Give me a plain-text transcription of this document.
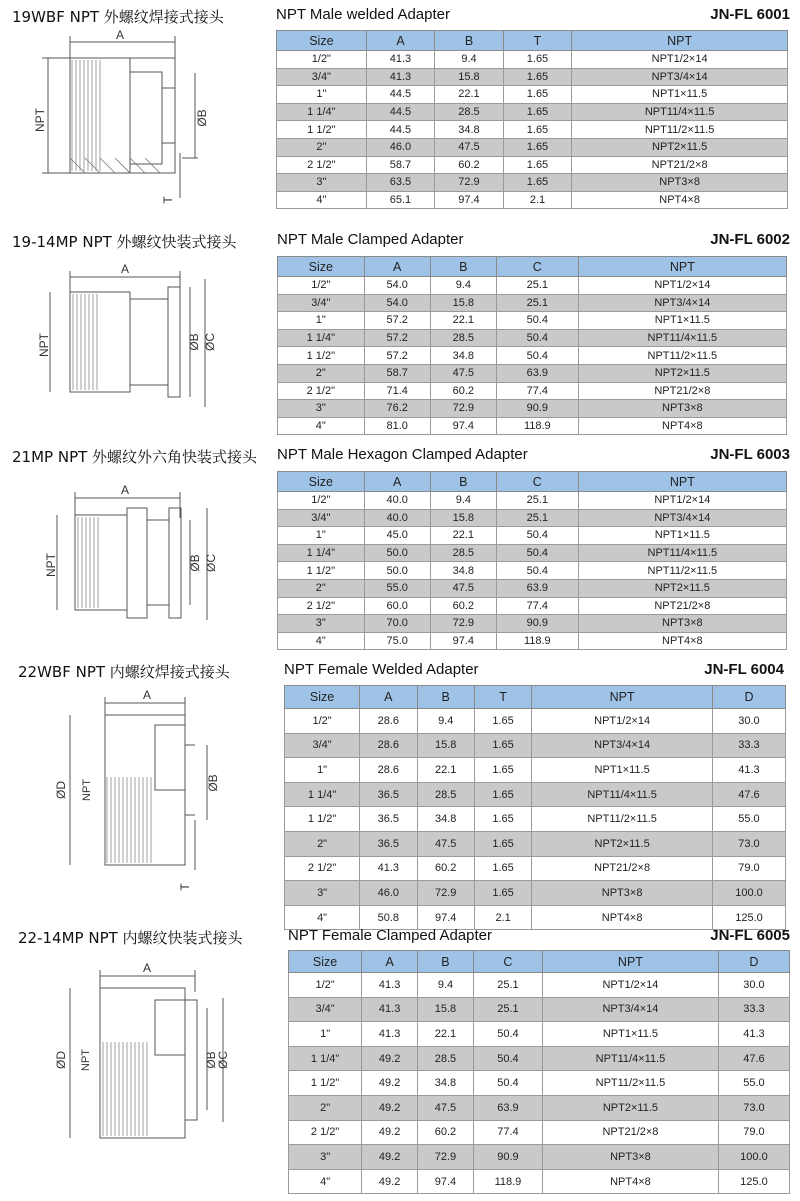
19WBF NPT 外螺纹焊接式接头	NPT Male welded Adapter	JN-FL 6001
A
NPT	ØB
T
Size	A	B	T	NPT
1/2"	41.3	9.4	1.65	NPT1/2×14
3/4"	41.3	15.8	1.65	NPT3/4×14
1"	44.5	22.1	1.65	NPT1×11.5
1 1/4"	44.5	28.5	1.65	NPT11/4×11.5
1 1/2"	44.5	34.8	1.65	NPT11/2×11.5
2"	46.0	47.5	1.65	NPT2×11.5
2 1/2"	58.7	60.2	1.65	NPT21/2×8
3"	63.5	72.9	1.65	NPT3×8
4"	65.1	97.4	2.1	NPT4×8
19-14MP NPT 外螺纹快装式接头	NPT Male Clamped Adapter	JN-FL 6002
A
NPT	ØB ØC
Size	A	B	C	NPT
1/2"	54.0	9.4	25.1	NPT1/2×14
3/4"	54.0	15.8	25.1	NPT3/4×14
1"	57.2	22.1	50.4	NPT1×11.5
1 1/4"	57.2	28.5	50.4	NPT11/4×11.5
1 1/2"	57.2	34.8	50.4	NPT11/2×11.5
2"	58.7	47.5	63.9	NPT2×11.5
2 1/2"	71.4	60.2	77.4	NPT21/2×8
3"	76.2	72.9	90.9	NPT3×8
4"	81.0	97.4	118.9	NPT4×8
21MP NPT 外螺纹外六角快装式接头 NPT Male Hexagon Clamped Adapter	JN-FL 6003
A
NPT	ØB ØC
Size	A	B	C	NPT
1/2"	40.0	9.4	25.1	NPT1/2×14
3/4"	40.0	15.8	25.1	NPT3/4×14
1"	45.0	22.1	50.4	NPT1×11.5
1 1/4"	50.0	28.5	50.4	NPT11/4×11.5
1 1/2"	50.0	34.8	50.4	NPT11/2×11.5
2"	55.0	47.5	63.9	NPT2×11.5
2 1/2"	60.0	60.2	77.4	NPT21/2×8
3"	70.0	72.9	90.9	NPT3×8
4"	75.0	97.4	118.9	NPT4×8
22WBF NPT 内螺纹焊接式接头	NPT Female Welded Adapter	JN-FL 6004
A
ØD NPT	ØB
T
Size	A	B	T	NPT	D
1/2"	28.6	9.4	1.65	NPT1/2×14	30.0
3/4"	28.6	15.8	1.65	NPT3/4×14	33.3
1"	28.6	22.1	1.65	NPT1×11.5	41.3
1 1/4"	36.5	28.5	1.65	NPT11/4×11.5	47.6
1 1/2"	36.5	34.8	1.65	NPT11/2×11.5	55.0
2"	36.5	47.5	1.65	NPT2×11.5	73.0
2 1/2"	41.3	60.2	1.65	NPT21/2×8	79.0
3"	46.0	72.9	1.65	NPT3×8	100.0
4"	50.8	97.4	2.1	NPT4×8	125.0
22-14MP NPT 内螺纹快装式接头	NPT Female Clamped Adapter	JN-FL 6005
A
ØD NPT	ØB
ØC
Size	A	B	C	NPT	D
1/2"	41.3	9.4	25.1	NPT1/2×14	30.0
3/4"	41.3	15.8	25.1	NPT3/4×14	33.3
1"	41.3	22.1	50.4	NPT1×11.5	41.3
1 1/4"	49.2	28.5	50.4	NPT11/4×11.5	47.6
1 1/2"	49.2	34.8	50.4	NPT11/2×11.5	55.0
2"	49.2	47.5	63.9	NPT2×11.5	73.0
2 1/2"	49.2	60.2	77.4	NPT21/2×8	79.0
3"	49.2	72.9	90.9	NPT3×8	100.0
4"	49.2	97.4	118.9	NPT4×8	125.0
